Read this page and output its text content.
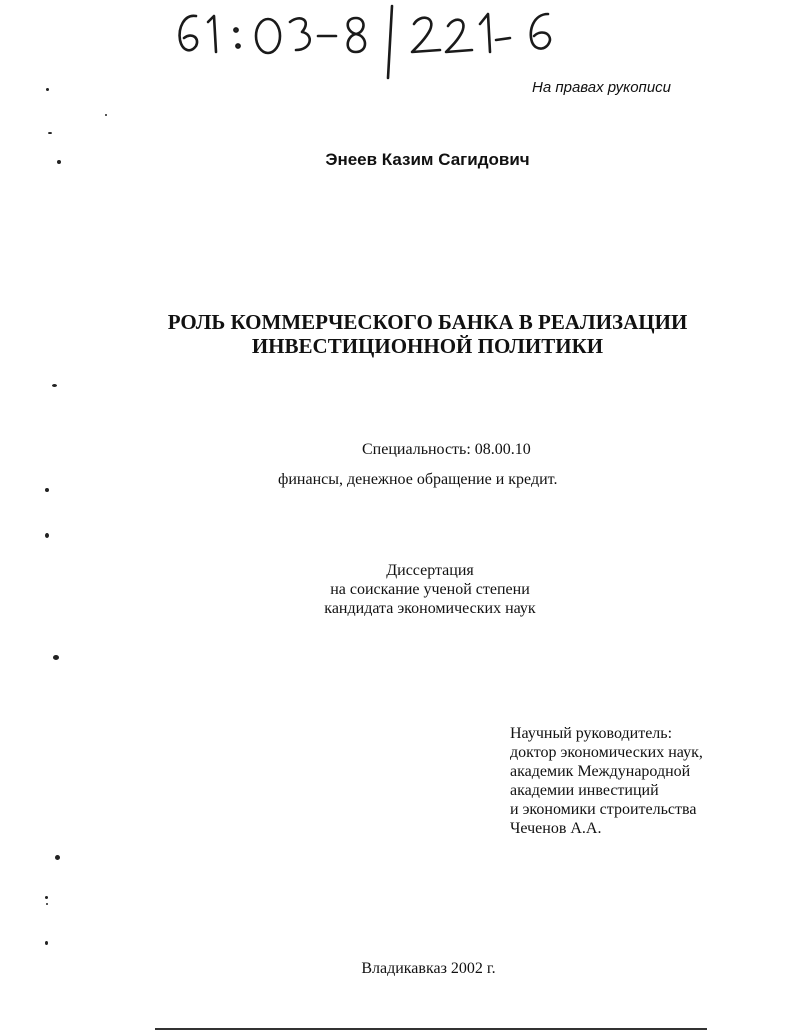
На правах рукописи
Энеев Казим Сагидович
РОЛЬ КОММЕРЧЕСКОГО БАНКА В РЕАЛИЗАЦИИ
ИНВЕСТИЦИОННОЙ ПОЛИТИКИ
Специальность: 08.00.10
финансы, денежное обращение и кредит.
Диссертация
на соискание ученой степени
кандидата экономических наук
Научный руководитель:
доктор экономических наук,
академик Международной
академии инвестиций
и экономики строительства
Чеченов А.А.
Владикавказ 2002 г.
